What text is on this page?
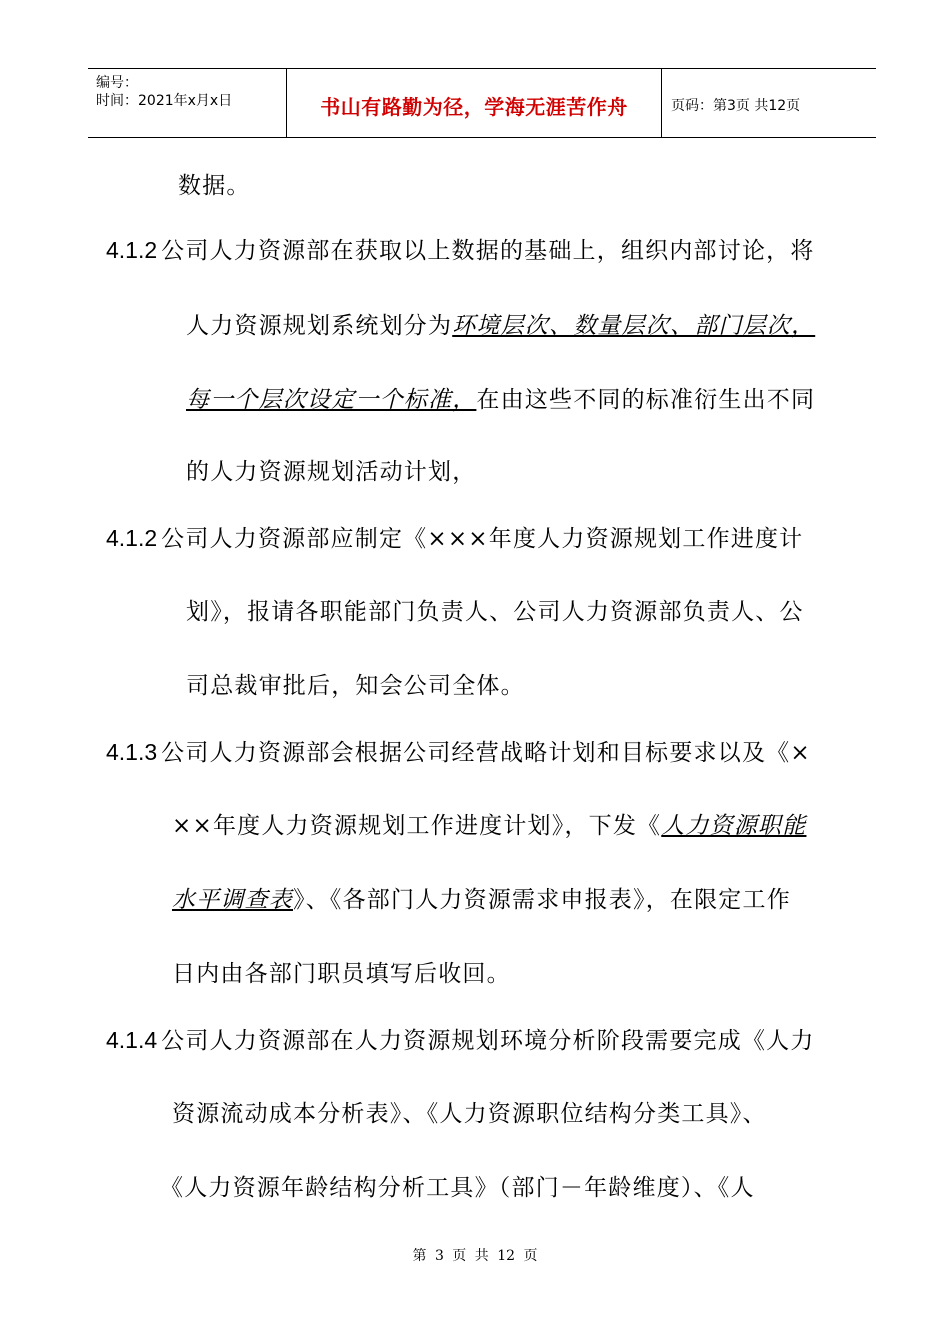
编号：
时间：2021年x月x日	书山有路勤为径，学海无涯苦作舟	页码：第3页 共12页
数据。
4.1.2 公司人力资源部在获取以上数据的基础上，组织内部讨论，将
人力资源规划系统划分为环境层次、数量层次、部门层次，
每一个层次设定一个标准，在由这些不同的标准衍生出不同
的人力资源规划活动计划，
4.1.2 公司人力资源部应制定《×××年度人力资源规划工作进度计
划》，报请各职能部门负责人、公司人力资源部负责人、公
司总裁审批后，知会公司全体。
4.1.3 公司人力资源部会根据公司经营战略计划和目标要求以及《×
××年度人力资源规划工作进度计划》，下发《人力资源职能
水平调查表》、《各部门人力资源需求申报表》，在限定工作
日内由各部门职员填写后收回。
4.1.4 公司人力资源部在人力资源规划环境分析阶段需要完成《人力
资源流动成本分析表》、《人力资源职位结构分类工具》、
《人力资源年龄结构分析工具》（部门－年龄维度）、《人
第 3 页 共 12 页
